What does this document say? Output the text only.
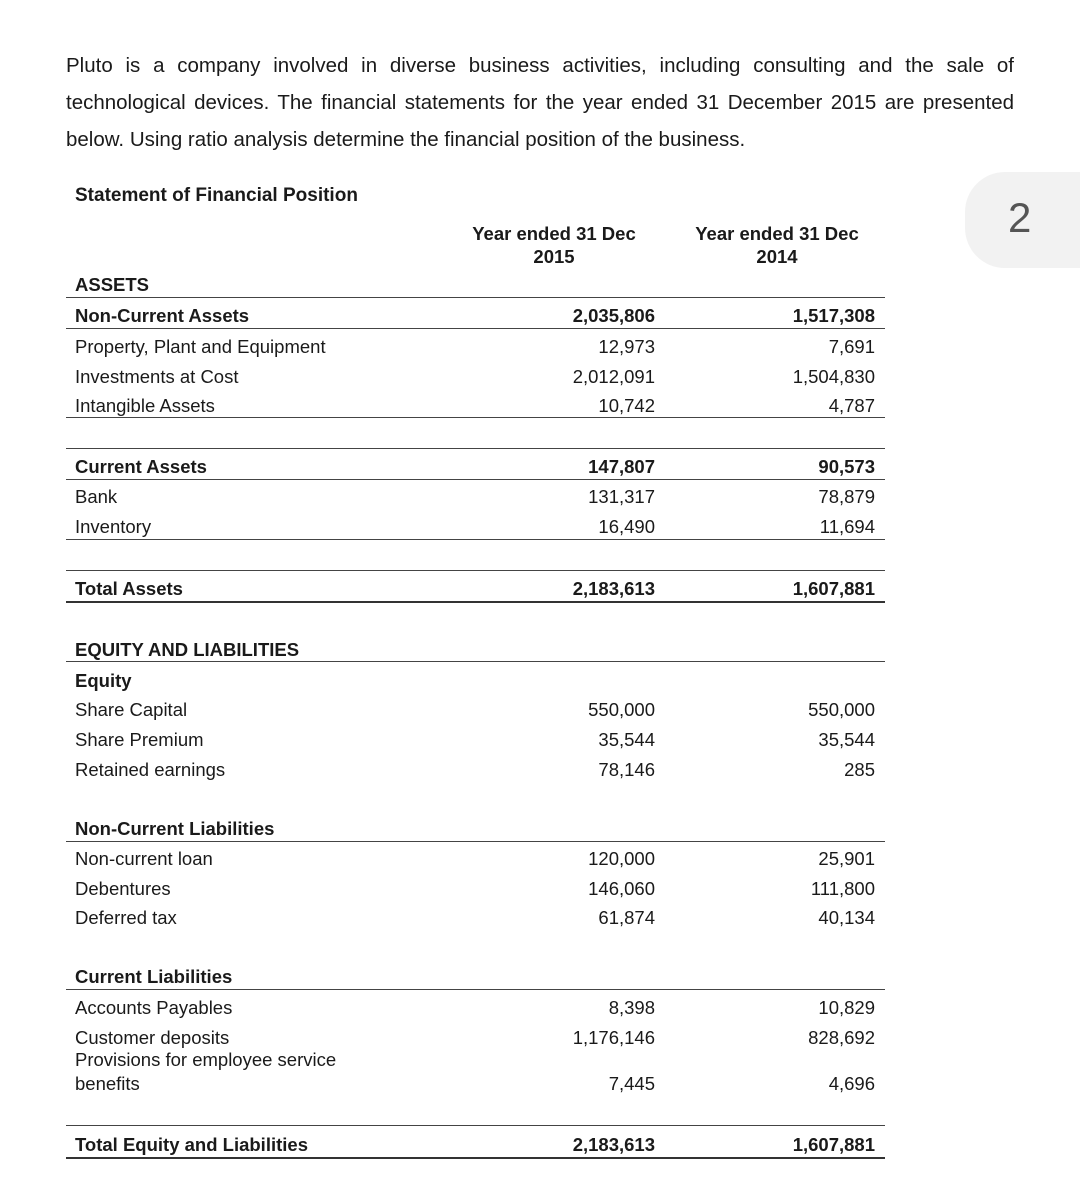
Pluto is a company involved in diverse business activities, including consulting and the sale of technological devices. The financial statements for the year ended 31 December 2015 are presented below. Using ratio analysis determine the financial position of the business.

Statement of Financial Position
Year ended 31 Dec
2015
Year ended 31 Dec
2014
2
ASSETS
Non-Current Assets	2,035,806	1,517,308
Property, Plant and Equipment	12,973	7,691
Investments at Cost	2,012,091	1,504,830
Intangible Assets	10,742	4,787
Current Assets	147,807	90,573
Bank	131,317	78,879
Inventory	16,490	11,694
Total Assets	2,183,613	1,607,881
EQUITY AND LIABILITIES
Equity
Share Capital	550,000	550,000
Share Premium	35,544	35,544
Retained earnings	78,146	285
Non-Current Liabilities
Non-current loan	120,000	25,901
Debentures	146,060	111,800
Deferred tax	61,874	40,134
Current Liabilities
Accounts Payables	8,398	10,829
Customer deposits	1,176,146	828,692
Provisions for employee service
benefits	7,445	4,696
Total Equity and Liabilities	2,183,613	1,607,881
